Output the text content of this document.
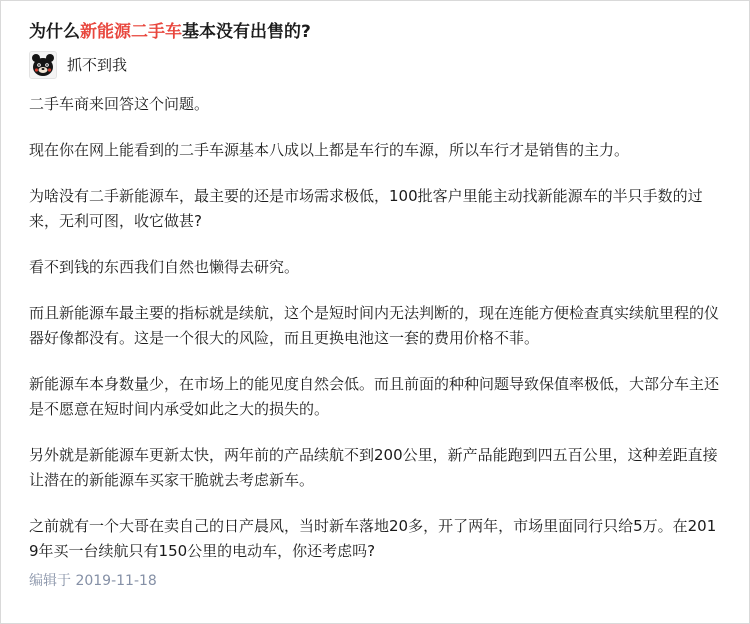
为什么新能源二手车基本没有出售的?
抓不到我

二手车商来回答这个问题。

现在你在网上能看到的二手车源基本八成以上都是车行的车源，所以车行才是销售的主力。

为啥没有二手新能源车，最主要的还是市场需求极低，100批客户里能主动找新能源车的半只手数的过来，无利可图，收它做甚?

看不到钱的东西我们自然也懒得去研究。

而且新能源车最主要的指标就是续航，这个是短时间内无法判断的，现在连能方便检查真实续航里程的仪器好像都没有。这是一个很大的风险，而且更换电池这一套的费用价格不菲。

新能源车本身数量少，在市场上的能见度自然会低。而且前面的种种问题导致保值率极低，大部分车主还是不愿意在短时间内承受如此之大的损失的。

另外就是新能源车更新太快，两年前的产品续航不到200公里，新产品能跑到四五百公里，这种差距直接让潜在的新能源车买家干脆就去考虑新车。

之前就有一个大哥在卖自己的日产晨风，当时新车落地20多，开了两年，市场里面同行只给5万。在2019年买一台续航只有150公里的电动车，你还考虑吗?

编辑于 2019-11-18
